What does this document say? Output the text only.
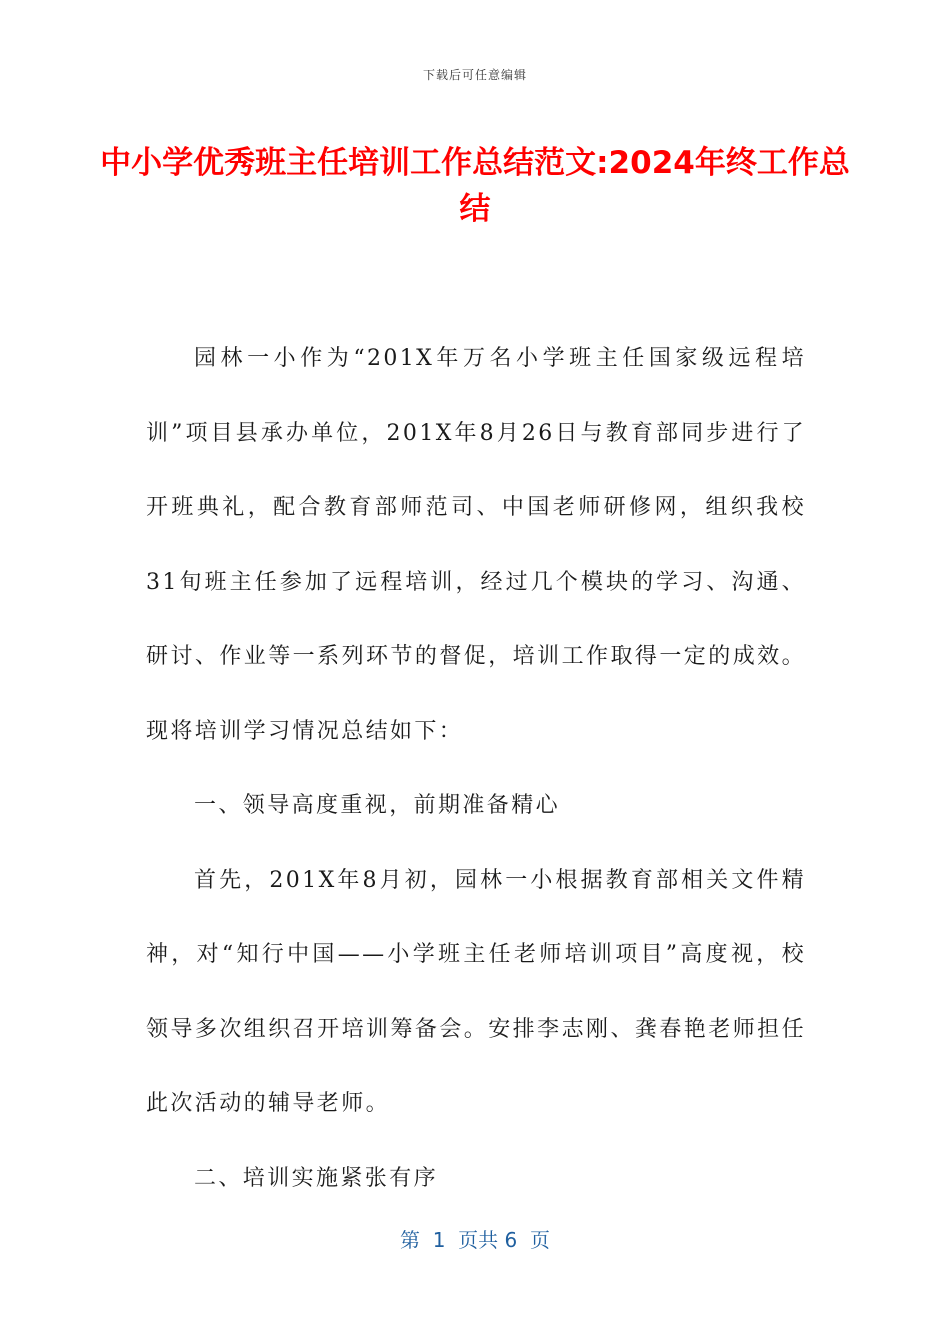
下载后可任意编辑
中小学优秀班主任培训工作总结范文:2024年终工作总结

园林一小作为“201X年万名小学班主任国家级远程培训”项目县承办单位，201X年8月26日与教育部同步进行了开班典礼，配合教育部师范司、中国老师研修网，组织我校31旬班主任参加了远程培训，经过几个模块的学习、沟通、研讨、作业等一系列环节的督促，培训工作取得一定的成效。现将培训学习情况总结如下：

一、领导高度重视，前期准备精心

首先，201X年8月初，园林一小根据教育部相关文件精神，对“知行中国——小学班主任老师培训项目”高度视，校领导多次组织召开培训筹备会。安排李志刚、龚春艳老师担任此次活动的辅导老师。

二、培训实施紧张有序

第  1  页共 6  页
